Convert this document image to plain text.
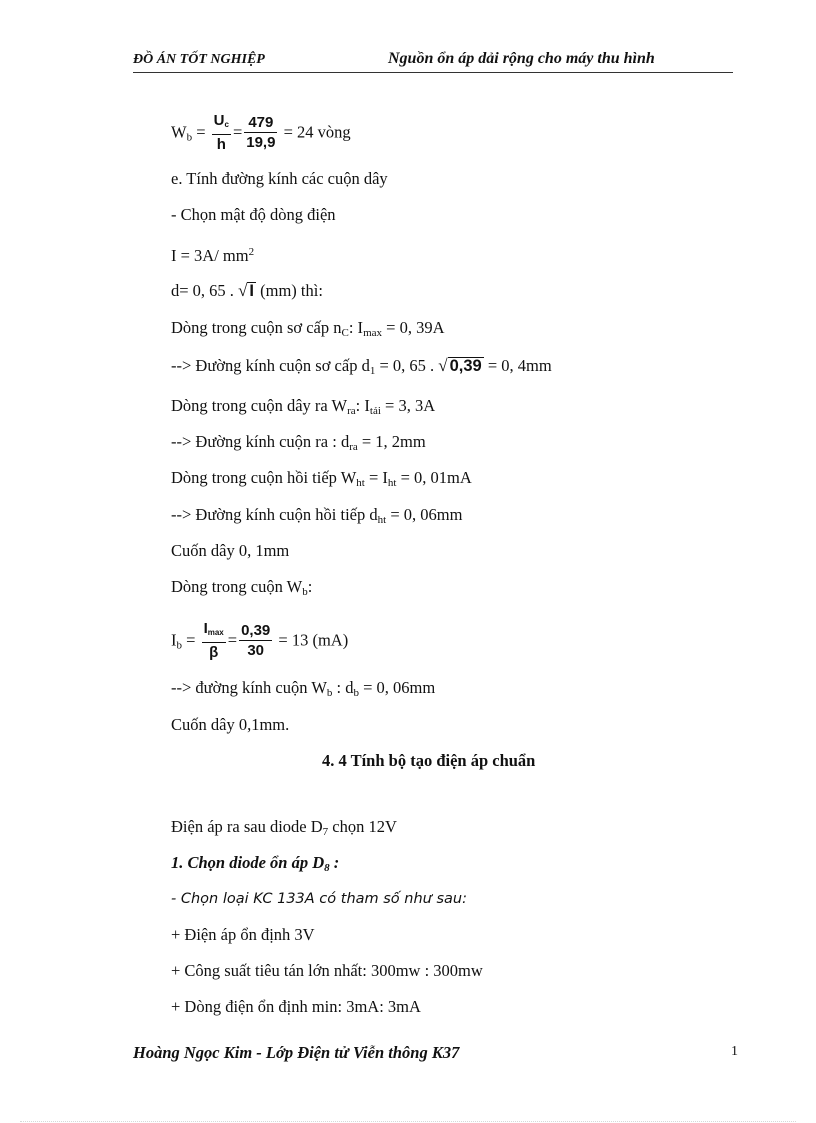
ĐỒ ÁN TỐT NGHIỆP	Nguồn ổn áp dải rộng cho máy thu hình
$W_b = \frac{Uc}{h} = \frac{479}{19,9} = 24$ vòng
e. Tính đường kính các cuộn dây
- Chọn mật độ dòng điện
I = 3A/ $mm^2$
d= 0, 65 . √ I (mm) thì:
Dòng trong cuộn sơ cấp $n_C$: $I_{max} = 0$, 39A
--> Đường kính cuộn sơ cấp $d_1 = 0$, 65 . √ 0,39 = 0, 4mm
Dòng trong cuộn dây ra $W_{ra}$: $I_{tải} = 3$, 3A
--> Đường kính cuộn ra : $d_{ra} = 1$, 2mm
Dòng trong cuộn hồi tiếp $W_{ht} = I_{ht} = 0$, 01mA
--> Đường kính cuộn hồi tiếp $d_{ht} = 0$, 06mm
Cuốn dây 0, 1mm
Dòng trong cuộn $W_b$:
$I_b = \frac{Imax}{\beta} = \frac{0,39}{30} = 13$ (mA)
--> đường kính cuộn $W_b$ : $d_b = 0$, 06mm
Cuốn dây 0,1mm.
4. 4 Tính bộ tạo điện áp chuẩn
Điện áp ra sau diode $D_7$ chọn 12V
1. Chọn diode ổn áp $D_8$ :
- Chọn loại KC 133A có tham số như sau:
+ Điện áp ổn định 3V
+ Công suất tiêu tán lớn nhất: 300mw : 300mw
+ Dòng điện ổn định min: 3mA: 3mA
Hoàng Ngọc Kim - Lớp Điện tử Viễn thông K37	1
